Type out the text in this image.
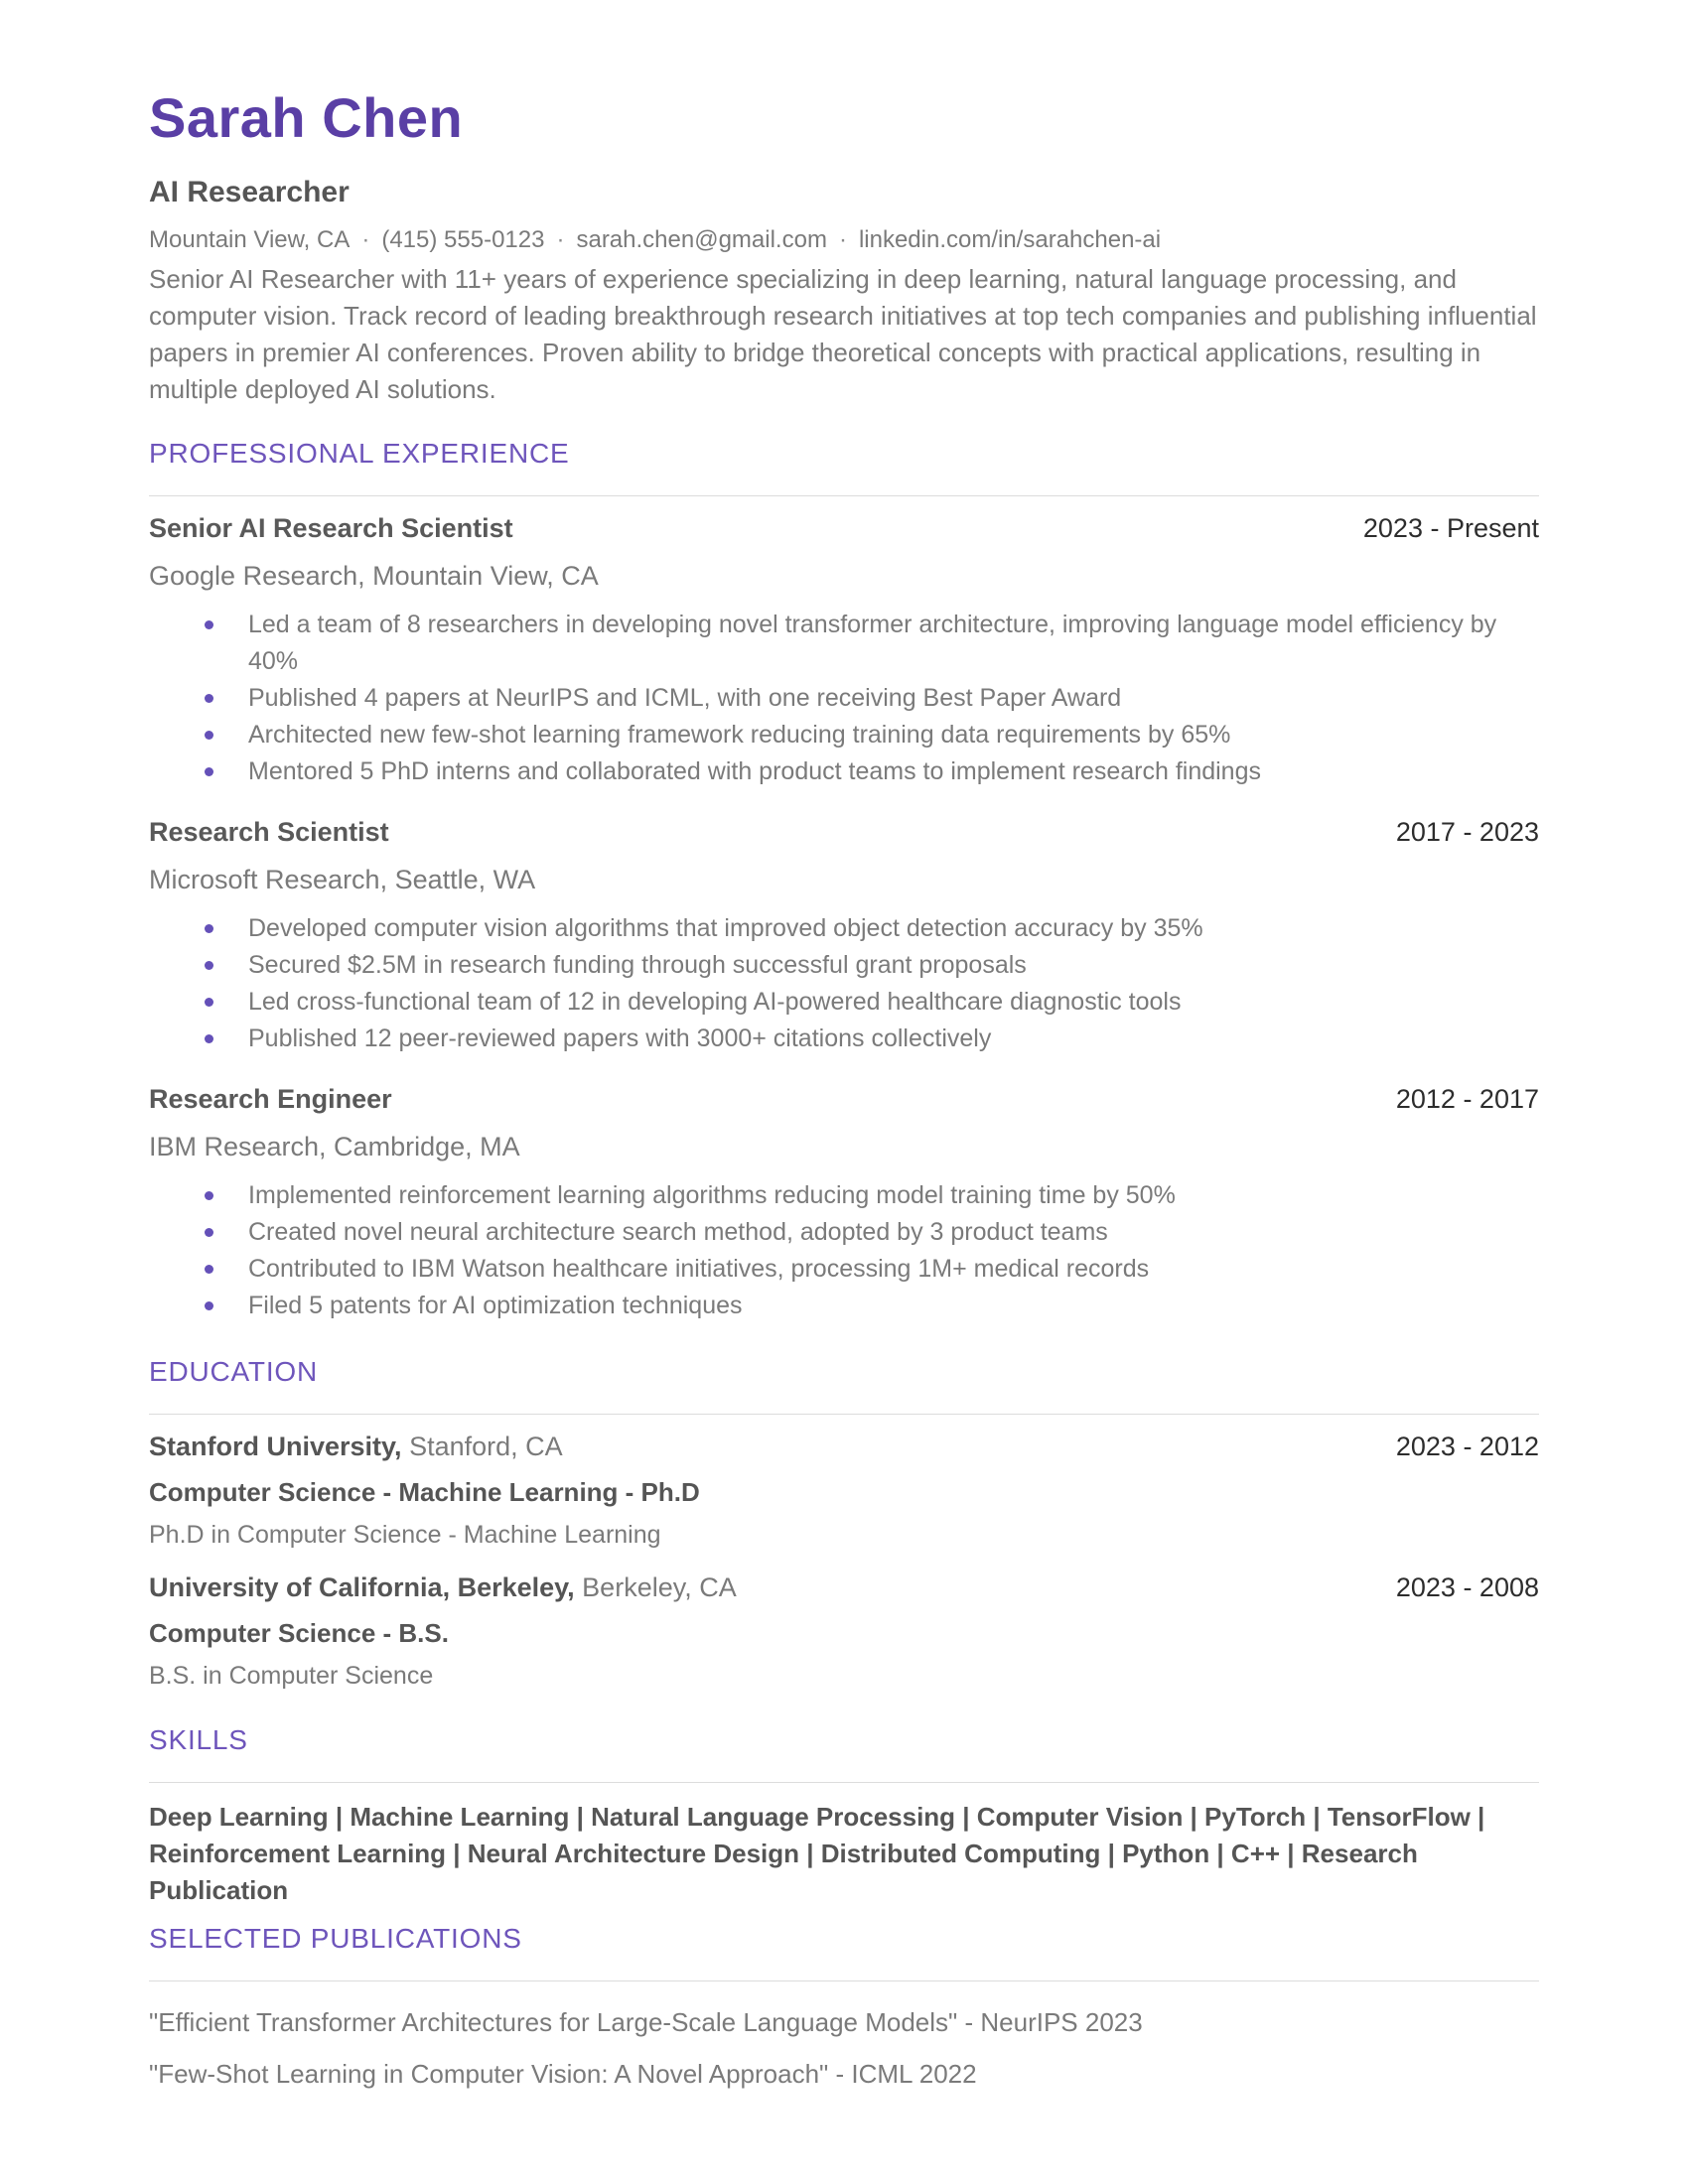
Sarah Chen
AI Researcher
Mountain View, CA · (415) 555-0123 · sarah.chen@gmail.com · linkedin.com/in/sarahchen-ai
Senior AI Researcher with 11+ years of experience specializing in deep learning, natural language processing, and computer vision. Track record of leading breakthrough research initiatives at top tech companies and publishing influential papers in premier AI conferences. Proven ability to bridge theoretical concepts with practical applications, resulting in multiple deployed AI solutions.
PROFESSIONAL EXPERIENCE
Senior AI Research Scientist	2023 - Present
Google Research, Mountain View, CA
Led a team of 8 researchers in developing novel transformer architecture, improving language model efficiency by 40%
Published 4 papers at NeurIPS and ICML, with one receiving Best Paper Award
Architected new few-shot learning framework reducing training data requirements by 65%
Mentored 5 PhD interns and collaborated with product teams to implement research findings
Research Scientist	2017 - 2023
Microsoft Research, Seattle, WA
Developed computer vision algorithms that improved object detection accuracy by 35%
Secured $2.5M in research funding through successful grant proposals
Led cross-functional team of 12 in developing AI-powered healthcare diagnostic tools
Published 12 peer-reviewed papers with 3000+ citations collectively
Research Engineer	2012 - 2017
IBM Research, Cambridge, MA
Implemented reinforcement learning algorithms reducing model training time by 50%
Created novel neural architecture search method, adopted by 3 product teams
Contributed to IBM Watson healthcare initiatives, processing 1M+ medical records
Filed 5 patents for AI optimization techniques
EDUCATION
Stanford University, Stanford, CA	2023 - 2012
Computer Science - Machine Learning - Ph.D
Ph.D in Computer Science - Machine Learning
University of California, Berkeley, Berkeley, CA	2023 - 2008
Computer Science - B.S.
B.S. in Computer Science
SKILLS
Deep Learning | Machine Learning | Natural Language Processing | Computer Vision | PyTorch | TensorFlow | Reinforcement Learning | Neural Architecture Design | Distributed Computing | Python | C++ | Research Publication
SELECTED PUBLICATIONS
"Efficient Transformer Architectures for Large-Scale Language Models" - NeurIPS 2023
"Few-Shot Learning in Computer Vision: A Novel Approach" - ICML 2022
